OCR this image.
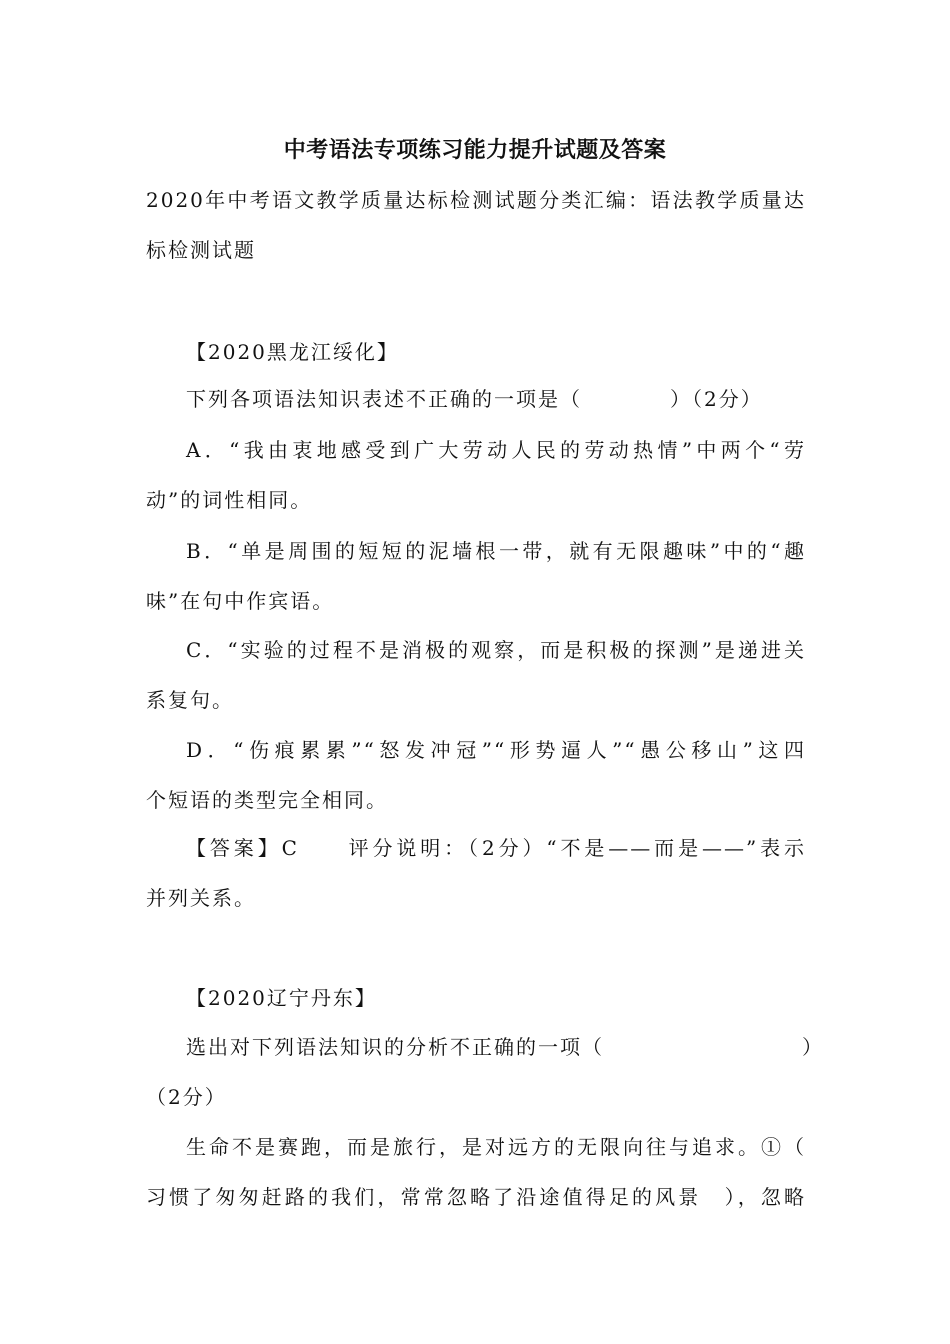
中考语法专项练习能力提升试题及答案
2020年中考语文教学质量达标检测试题分类汇编：语法教学质量达
标检测试题
【2020黑龙江绥化】
下列各项语法知识表述不正确的一项是（　　　　）（2分）
A．“我由衷地感受到广大劳动人民的劳动热情”中两个“劳
动”的词性相同。
B．“单是周围的短短的泥墙根一带，就有无限趣味”中的“趣
味”在句中作宾语。
C．“实验的过程不是消极的观察，而是积极的探测”是递进关
系复句。
D．“伤痕累累”“怒发冲冠”“形势逼人”“愚公移山”这四
个短语的类型完全相同。
【答案】C　　评分说明：（2分）“不是——而是——”表示
并列关系。
【2020辽宁丹东】
选出对下列语法知识的分析不正确的一项（　　　　　　　　　）
（2分）
生命不是赛跑，而是旅行，是对远方的无限向往与追求。①（
习惯了匆匆赶路的我们，常常忽略了沿途值得足的风景　），忽略
